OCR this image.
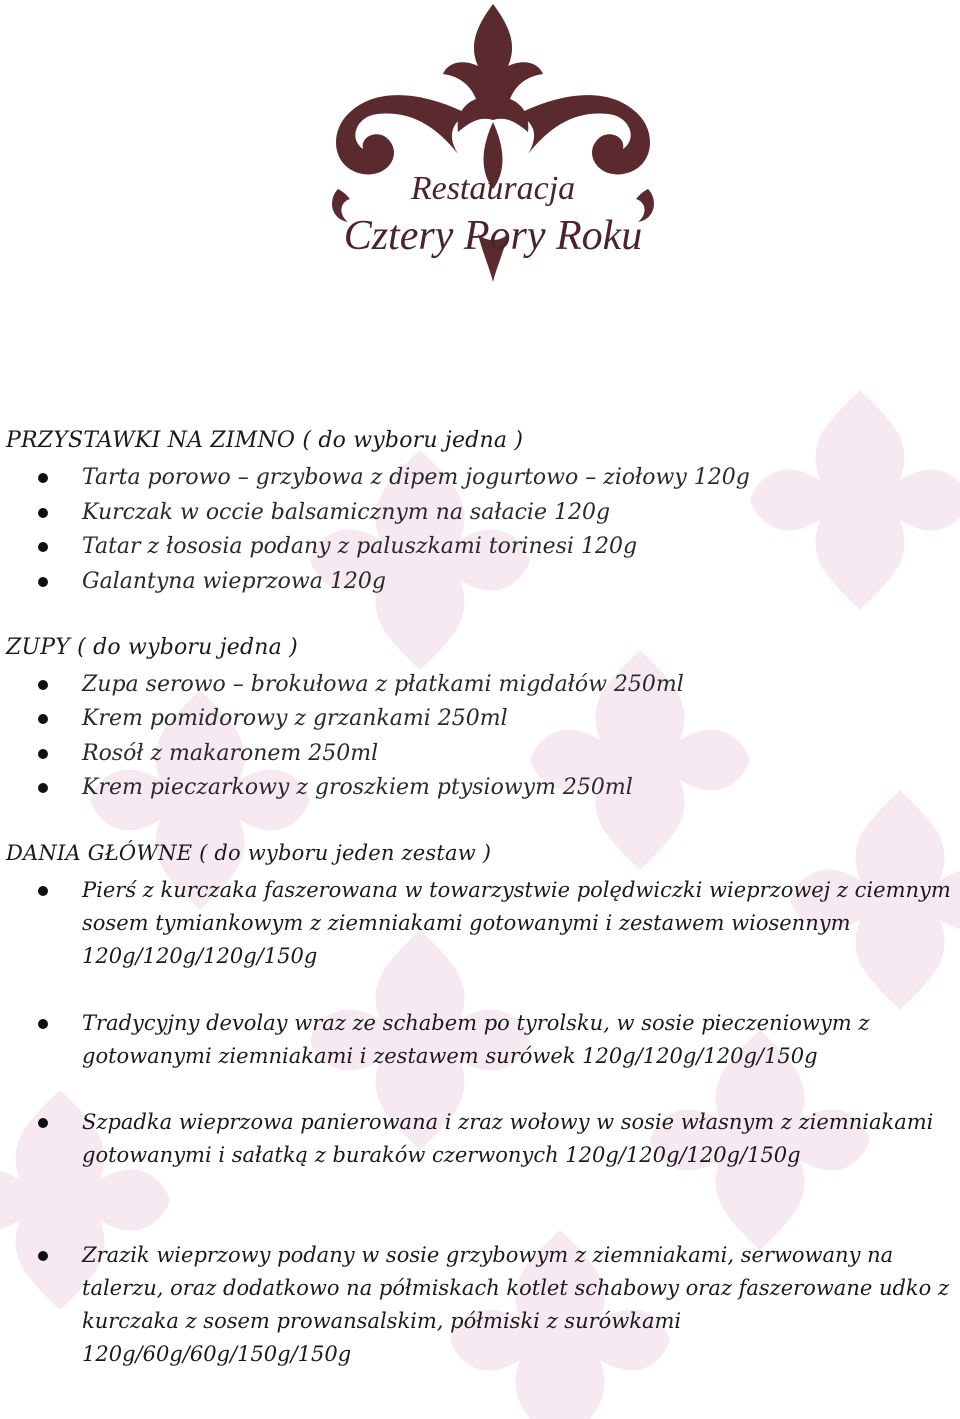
Restauracja
Cztery Pory Roku
PRZYSTAWKI NA ZIMNO ( do wyboru jedna )
Tarta porowo – grzybowa z dipem jogurtowo – ziołowy 120g
Kurczak w occie balsamicznym na sałacie 120g
Tatar z łososia podany z paluszkami torinesi 120g
Galantyna wieprzowa 120g
ZUPY ( do wyboru jedna )
Zupa serowo – brokułowa z płatkami migdałów 250ml
Krem pomidorowy z grzankami 250ml
Rosół z makaronem 250ml
Krem pieczarkowy z groszkiem ptysiowym 250ml
DANIA GŁÓWNE ( do wyboru jeden zestaw )
Pierś z kurczaka faszerowana w towarzystwie polędwiczki wieprzowej z ciemnym sosem tymiankowym z ziemniakami gotowanymi i zestawem wiosennym 120g/120g/120g/150g
Tradycyjny devolay wraz ze schabem po tyrolsku, w sosie pieczeniowym z gotowanymi ziemniakami i zestawem surówek 120g/120g/120g/150g
Szpadka wieprzowa panierowana i zraz wołowy w sosie własnym z ziemniakami gotowanymi i sałatką z buraków czerwonych 120g/120g/120g/150g
Zrazik wieprzowy podany w sosie grzybowym z ziemniakami, serwowany na talerzu, oraz dodatkowo na półmiskach kotlet schabowy oraz faszerowane udko z kurczaka z sosem prowansalskim, półmiski z surówkami 120g/60g/60g/150g/150g
